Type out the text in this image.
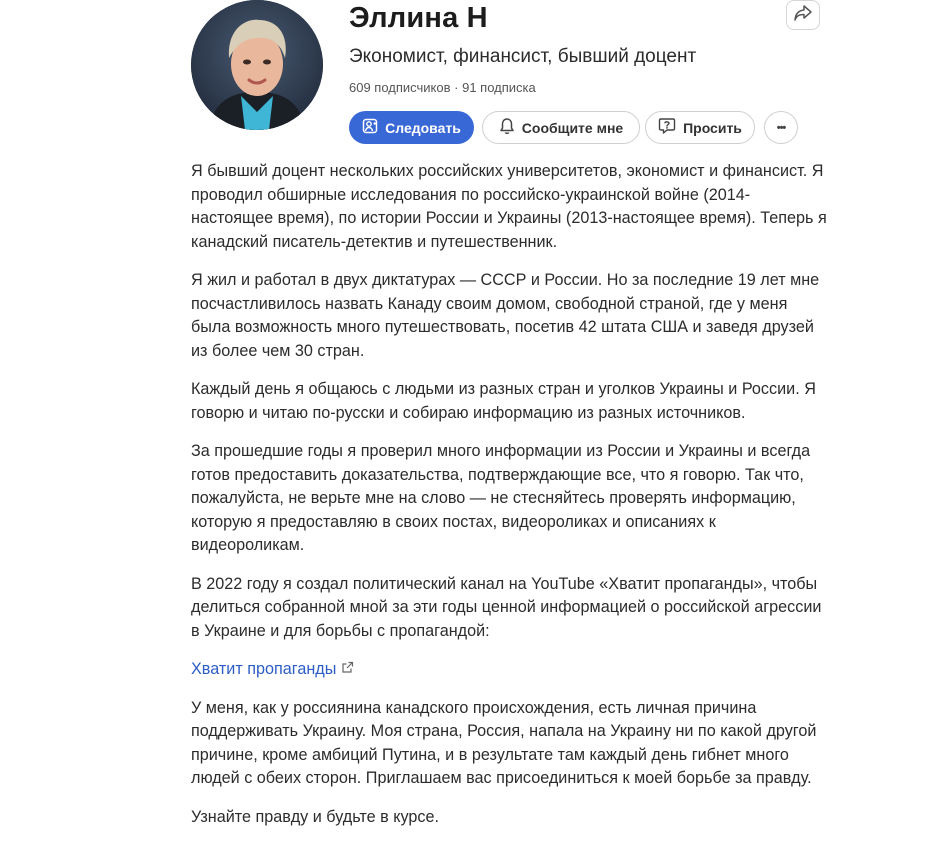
Эллина Н
Экономист, финансист, бывший доцент
609 подписчиков · 91 подписка
Следовать	Сообщите мне	Просить	•••

Я бывший доцент нескольких российских университетов, экономист и финансист. Я проводил обширные исследования по российско-украинской войне (2014-настоящее время), по истории России и Украины (2013-настоящее время). Теперь я канадский писатель-детектив и путешественник.

Я жил и работал в двух диктатурах — СССР и России. Но за последние 19 лет мне посчастливилось назвать Канаду своим домом, свободной страной, где у меня была возможность много путешествовать, посетив 42 штата США и заведя друзей из более чем 30 стран.

Каждый день я общаюсь с людьми из разных стран и уголков Украины и России. Я говорю и читаю по-русски и собираю информацию из разных источников.

За прошедшие годы я проверил много информации из России и Украины и всегда готов предоставить доказательства, подтверждающие все, что я говорю. Так что, пожалуйста, не верьте мне на слово — не стесняйтесь проверять информацию, которую я предоставляю в своих постах, видеороликах и описаниях к видеороликам.

В 2022 году я создал политический канал на YouTube «Хватит пропаганды», чтобы делиться собранной мной за эти годы ценной информацией о российской агрессии в Украине и для борьбы с пропагандой:

Хватит пропаганды

У меня, как у россиянина канадского происхождения, есть личная причина поддерживать Украину. Моя страна, Россия, напала на Украину ни по какой другой причине, кроме амбиций Путина, и в результате там каждый день гибнет много людей с обеих сторон. Приглашаем вас присоединиться к моей борьбе за правду.

Узнайте правду и будьте в курсе.
